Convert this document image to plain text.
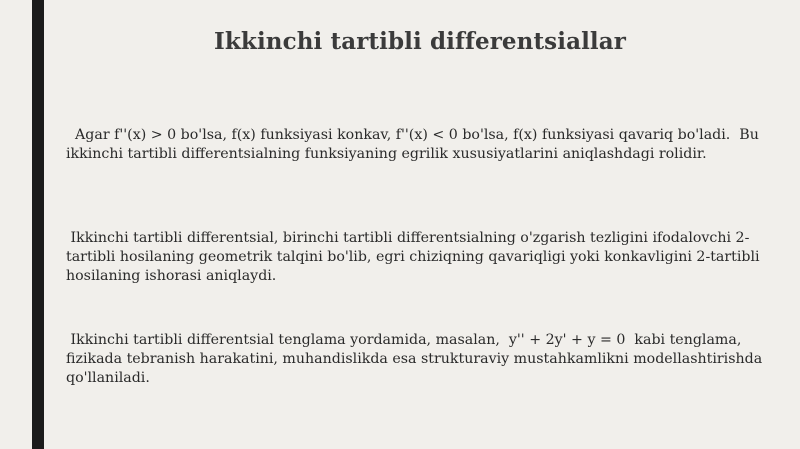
Ikkinchi tartibli differentsiallar

Agar f''(x) > 0 bo'lsa, f(x) funksiyasi konkav, f''(x) < 0 bo'lsa, f(x) funksiyasi qavariq bo'ladi.  Bu ikkinchi tartibli differentsialning funksiyaning egrilik xususiyatlarini aniqlashdagi rolidir.

Ikkinchi tartibli differentsial, birinchi tartibli differentsialning o'zgarish tezligini ifodalovchi 2-tartibli hosilaning geometrik talqini bo'lib, egri chiziqning qavariqligi yoki konkavligini 2-tartibli hosilaning ishorasi aniqlaydi.

Ikkinchi tartibli differentsial tenglama yordamida, masalan,  y'' + 2y' + y = 0  kabi tenglama, fizikada tebranish harakatini, muhandislikda esa strukturaviy mustahkamlikni modellashtirishda qo'llaniladi.
